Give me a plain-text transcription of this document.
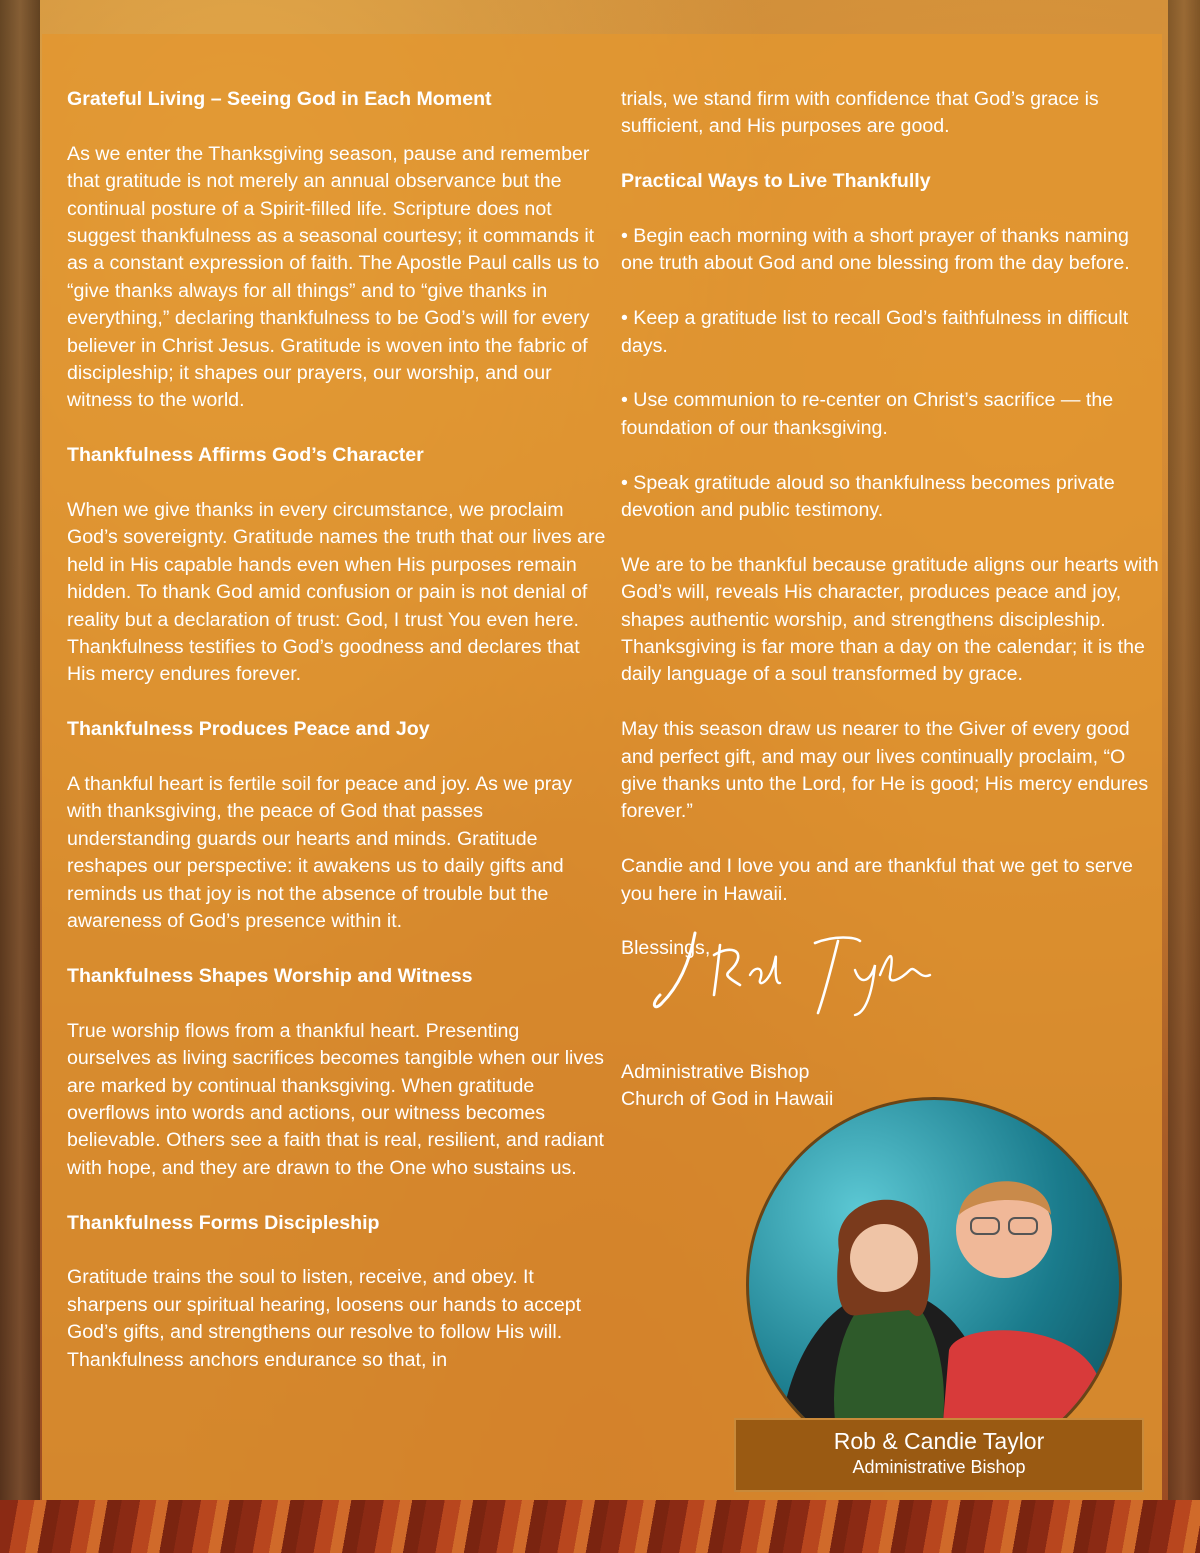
Grateful Living – Seeing God in Each Moment

As we enter the Thanksgiving season, pause and remember that gratitude is not merely an annual observance but the continual posture of a Spirit-filled life. Scripture does not suggest thankfulness as a seasonal courtesy; it commands it as a constant expression of faith. The Apostle Paul calls us to “give thanks always for all things” and to “give thanks in everything,” declaring thankfulness to be God’s will for every believer in Christ Jesus. Gratitude is woven into the fabric of discipleship; it shapes our prayers, our worship, and our witness to the world.

Thankfulness Affirms God’s Character

When we give thanks in every circumstance, we proclaim God’s sovereignty. Gratitude names the truth that our lives are held in His capable hands even when His purposes remain hidden. To thank God amid confusion or pain is not denial of reality but a declaration of trust: God, I trust You even here. Thankfulness testifies to God’s goodness and declares that His mercy endures forever.

Thankfulness Produces Peace and Joy

A thankful heart is fertile soil for peace and joy. As we pray with thanksgiving, the peace of God that passes understanding guards our hearts and minds. Gratitude reshapes our perspective: it awakens us to daily gifts and reminds us that joy is not the absence of trouble but the awareness of God’s presence within it.

Thankfulness Shapes Worship and Witness

True worship flows from a thankful heart. Presenting ourselves as living sacrifices becomes tangible when our lives are marked by continual thanksgiving. When gratitude overflows into words and actions, our witness becomes believable. Others see a faith that is real, resilient, and radiant with hope, and they are drawn to the One who sustains us.

Thankfulness Forms Discipleship

Gratitude trains the soul to listen, receive, and obey. It sharpens our spiritual hearing, loosens our hands to accept God’s gifts, and strengthens our resolve to follow His will. Thankfulness anchors endurance so that, in

trials, we stand firm with confidence that God’s grace is sufficient, and His purposes are good.

Practical Ways to Live Thankfully

• Begin each morning with a short prayer of thanks naming one truth about God and one blessing from the day before.

• Keep a gratitude list to recall God’s faithfulness in difficult days.

• Use communion to re-center on Christ’s sacrifice — the foundation of our thanksgiving.

• Speak gratitude aloud so thankfulness becomes private devotion and public testimony.

We are to be thankful because gratitude aligns our hearts with God’s will, reveals His character, produces peace and joy, shapes authentic worship, and strengthens discipleship. Thanksgiving is far more than a day on the calendar; it is the daily language of a soul transformed by grace.

May this season draw us nearer to the Giver of every good and perfect gift, and may our lives continually proclaim, “O give thanks unto the Lord, for He is good; His mercy endures forever.”

Candie and I love you and are thankful that we get to serve you here in Hawaii.

Blessings,

Administrative Bishop

Church of God in Hawaii

Rob & Candie Taylor
Administrative Bishop
